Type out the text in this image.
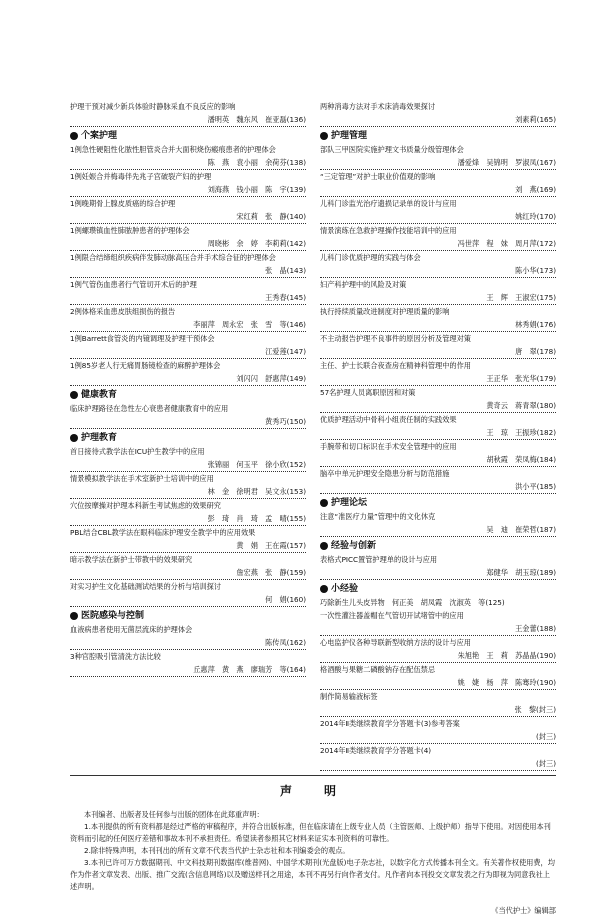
护理干预对减少新兵体验时静脉采血不良反应的影响
潘明英　魏东风　崔亚磊(136)
个案护理
1例急性硬阻性化脓性胆管炎合并大面积烧伤瘢痕患者的护理体会
陈　燕　袁小丽　余荷芬(138)
1例妊娠合并梅毒伴先兆子宫破裂产妇的护理
刘海燕　钱小丽　陈　宇(139)
1例晚期骨上腺皮质癌的综合护理
宋红莉　张　静(140)
1例螺瓒镇血性肺脓肿患者的护理体会
周晓彬　余　婷　李莉莉(142)
1例限合结缔组织疾病伴发肺动脉高压合并手术综合征的护理体会
张　晶(143)
1例气管伤血患者行气管切开术后的护理
王秀春(145)
2例体格采血患皮肤组损伤的报告
李丽萍　周永宏　张　雪　等(146)
1例Barrett食管炎的内镜调理及护理干预体会
江爱莲(147)
1例85岁老人行无痛胃肠镜检查的麻醉护理体会
刘闪闪　舒惠萍(149)
健康教育
临床护理路径在急性左心衰患者健康教育中的应用
黄秀巧(150)
护理教育
首日接待式教学法在ICU护生教学中的应用
张锦丽　何玉平　徐小欣(152)
情景模拟教学法在手术室新护士培训中的应用
林　金　徐明君　吴文永(153)
穴位按摩操对护理本科新生考试焦虑的效果研究
彭　琦　肖　琦　孟　晴(155)
PBL结合CBL教学法在眼科临床护理安全教学中的应用效果
黄　娟　王在霞(157)
暗示教学法在新护士带教中的效果研究
詹宏燕　张　静(159)
对实习护生文化基础测试结果的分析与培训探讨
何　娟(160)
医院感染与控制
血液病患者使用无菌层流床的护理体会
陈传凤(162)
3种官腔吸引管清洗方法比较
丘惠萍　黄　燕　廖瑞芳　等(164)
两种消毒方法对手术床消毒效果探讨
刘素莉(165)
护理管理
部队三甲医院实施护理文书质量分级管理体会
潘爱烽　吴锦明　罗淑凤(167)
“三定管理”对护士职业价值观的影响
刘　燕(169)
儿科门诊监光治疗遗损记录单的设计与应用
姚红玲(170)
情景演练在急救护理操作技能培训中的应用
冯世萍　程　妹　周月萍(172)
儿科门诊优质护理的实践与体会
陈小华(173)
妇产科护理中的风险及对策
王　辉　王淑宏(175)
执行持续质量改进制度对护理质量的影响
林秀娟(176)
不主动报告护理不良事件的原因分析及管理对策
唐　翠(178)
主任、护士长联合夜查房在精神科管理中的作用
王正华　张光华(179)
57名护理人员离职原因和对策
黄奇云　蒋青翠(180)
优质护理活动中骨科小组责任制的实践效果
王　琼　王振珍(182)
手腕带和切口标识在手术安全管理中的应用
胡秋霞　荣凤梅(184)
脑卒中单元护理安全隐患分析与防范措施
洪小平(185)
护理论坛
注意“准医疗力量”管理中的文化休克
吴　迪　崔荣哲(187)
经验与创新
表格式PICC置管护理单的设计与应用
郑健华　胡玉琼(189)
小经验
巧除新生儿头皮异物　何正美　胡凤霞　沈淑英　等(125)
一次性灌注器盖帽在气管切开试堵管中的应用
王金蕾(188)
心电监护仪各种导联新型收纳方法的设计与应用
朱旭艳　王　莉　苏晶晶(190)
格酒酸与果糖二磷酸钠存在配伍禁忌
姚　婕　杨　萍　陈骞玲(190)
制作简易输液标签
张　黎(封三)
2014年Ⅱ类继续教育学分答题卡(3)参考答案
(封三)
2014年Ⅱ类继续教育学分答题卡(4)
(封三)
声　明

本刊编者、出版者及任何参与出版的团体在此郑重声明：

1.本刊提供的所有资料都是经过严格的审稿程序，并符合出版标准，但在临床请在上级专业人员（主管医师、上级护师）指导下使用。对因使用本刊资料而引起的任何医疗差错和事故本刊不承担责任。希望读者参照其它材料来证实本刊资料的可靠性。

2.除非特殊声明，本刊刊出的所有文章不代表当代护士杂志社和本刊编委会的观点。

3.本刊已许可万方数据期刊、中文科技期刊数据库(维普网)、中国学术期刊(光盘版)电子杂志社，以数字化方式传播本刊全文。有关著作权使用费，均作为作者文章发表、出版、推广交流(含信息网络)以及赠送样刊之用途，本刊不再另行向作者支付。凡作者向本刊投交文章发表之行为即视为同意我社上述声明。

《当代护士》编辑部
